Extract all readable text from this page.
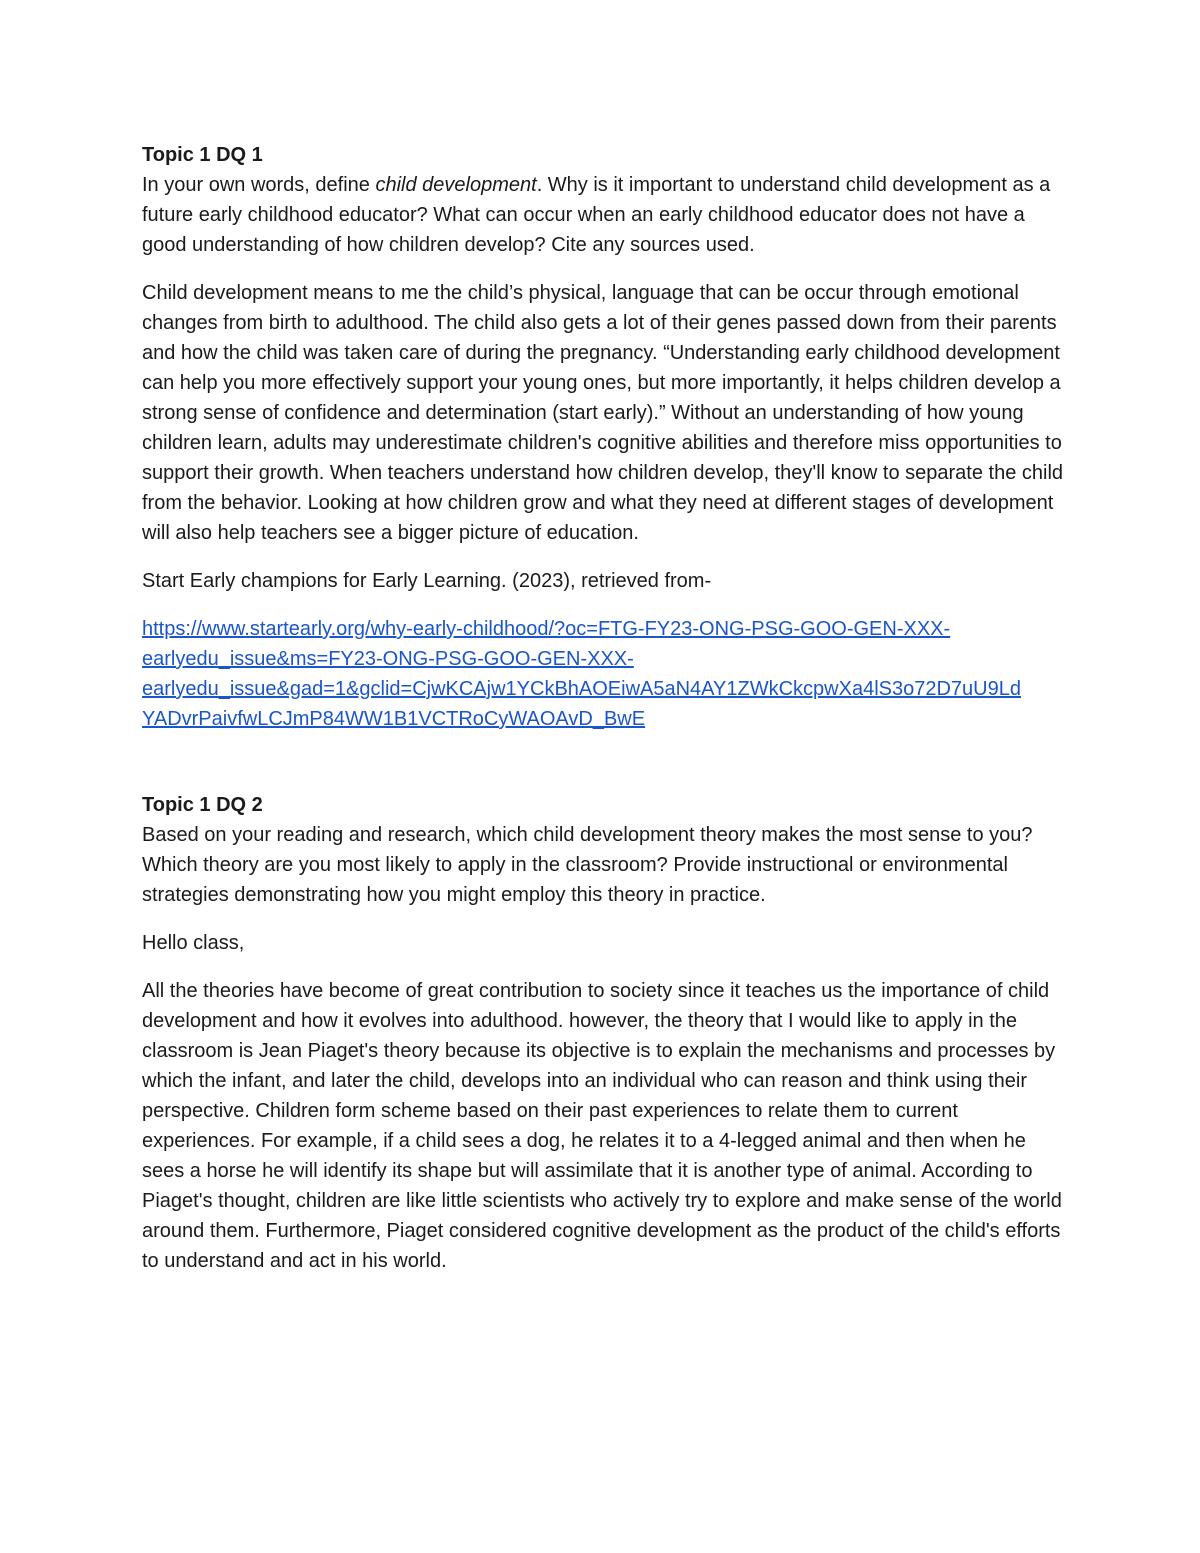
Topic 1 DQ 1

In your own words, define child development. Why is it important to understand child development as a future early childhood educator? What can occur when an early childhood educator does not have a good understanding of how children develop? Cite any sources used.

Child development means to me the child’s physical, language that can be occur through emotional changes from birth to adulthood. The child also gets a lot of their genes passed down from their parents and how the child was taken care of during the pregnancy. “Understanding early childhood development can help you more effectively support your young ones, but more importantly, it helps children develop a strong sense of confidence and determination (start early).” Without an understanding of how young children learn, adults may underestimate children's cognitive abilities and therefore miss opportunities to support their growth. When teachers understand how children develop, they'll know to separate the child from the behavior. Looking at how children grow and what they need at different stages of development will also help teachers see a bigger picture of education.

Start Early champions for Early Learning. (2023), retrieved from-

https://www.startearly.org/why-early-childhood/?oc=FTG-FY23-ONG-PSG-GOO-GEN-XXX-
earlyedu_issue&ms=FY23-ONG-PSG-GOO-GEN-XXX-
earlyedu_issue&gad=1&gclid=CjwKCAjw1YCkBhAOEiwA5aN4AY1ZWkCkcpwXa4lS3o72D7uU9Ld
YADvrPaivfwLCJmP84WW1B1VCTRoCyWAOAvD_BwE

Topic 1 DQ 2

Based on your reading and research, which child development theory makes the most sense to you? Which theory are you most likely to apply in the classroom? Provide instructional or environmental strategies demonstrating how you might employ this theory in practice.

Hello class,

All the theories have become of great contribution to society since it teaches us the importance of child development and how it evolves into adulthood. however, the theory that I would like to apply in the classroom is Jean Piaget's theory because its objective is to explain the mechanisms and processes by which the infant, and later the child, develops into an individual who can reason and think using their perspective. Children form scheme based on their past experiences to relate them to current experiences. For example, if a child sees a dog, he relates it to a 4-legged animal and then when he sees a horse he will identify its shape but will assimilate that it is another type of animal. According to Piaget's thought, children are like little scientists who actively try to explore and make sense of the world around them. Furthermore, Piaget considered cognitive development as the product of the child's efforts to understand and act in his world.
